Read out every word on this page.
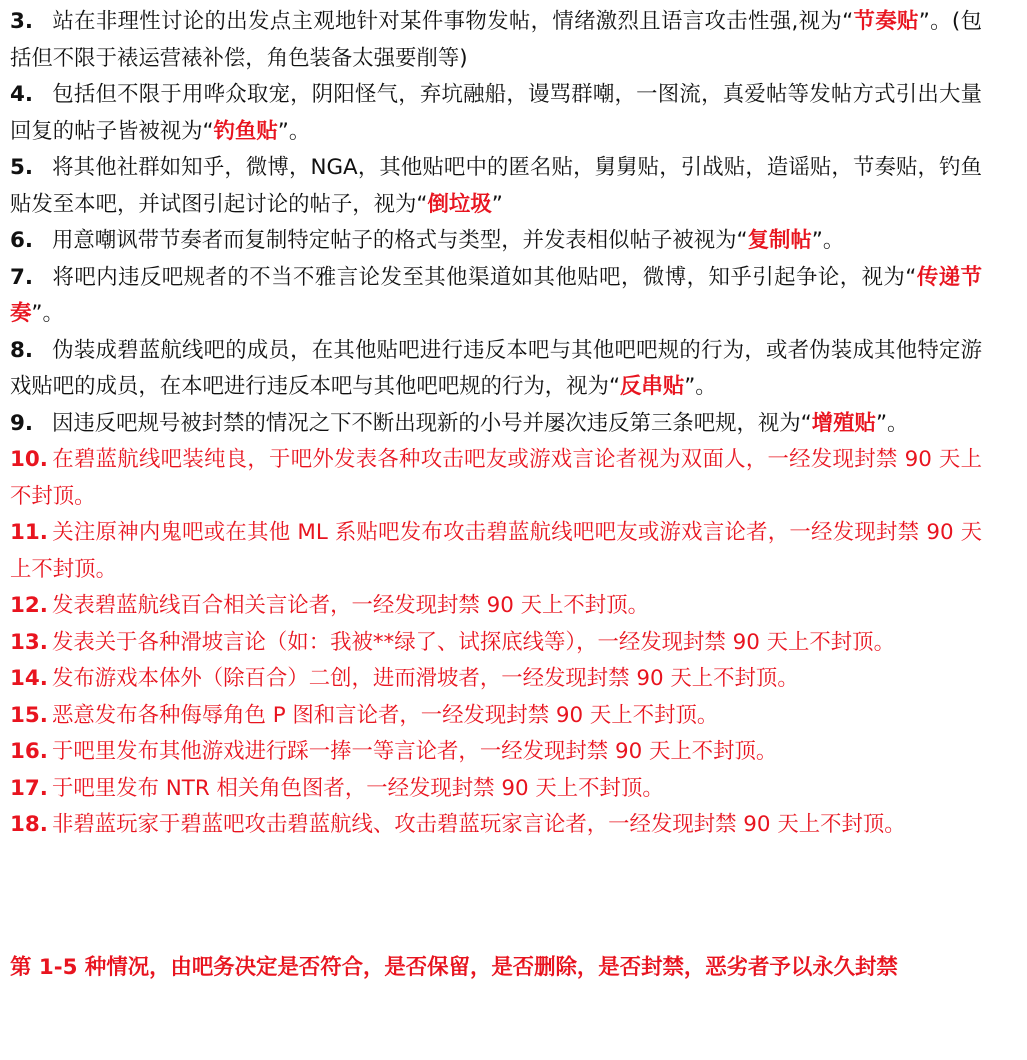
3. 站在非理性讨论的出发点主观地针对某件事物发帖，情绪激烈且语言攻击性强,视为“节奏贴”。(包括但不限于裱运营裱补偿，角色装备太强要削等)
4. 包括但不限于用哗众取宠，阴阳怪气，弃坑融船，谩骂群嘲，一图流，真爱帖等发帖方式引出大量回复的帖子皆被视为“钓鱼贴”。
5. 将其他社群如知乎，微博，NGA，其他贴吧中的匿名贴，舅舅贴，引战贴，造谣贴，节奏贴，钓鱼贴发至本吧，并试图引起讨论的帖子，视为“倒垃圾”
6. 用意嘲讽带节奏者而复制特定帖子的格式与类型，并发表相似帖子被视为“复制帖”。
7. 将吧内违反吧规者的不当不雅言论发至其他渠道如其他贴吧，微博，知乎引起争论，视为“传递节奏”。
8. 伪装成碧蓝航线吧的成员，在其他贴吧进行违反本吧与其他吧吧规的行为，或者伪装成其他特定游戏贴吧的成员，在本吧进行违反本吧与其他吧吧规的行为，视为“反串贴”。
9. 因违反吧规号被封禁的情况之下不断出现新的小号并屡次违反第三条吧规，视为“增殖贴”。
10. 在碧蓝航线吧装纯良，于吧外发表各种攻击吧友或游戏言论者视为双面人，一经发现封禁 90 天上不封顶。
11. 关注原神内鬼吧或在其他 ML 系贴吧发布攻击碧蓝航线吧吧友或游戏言论者，一经发现封禁 90 天上不封顶。
12. 发表碧蓝航线百合相关言论者，一经发现封禁 90 天上不封顶。
13. 发表关于各种滑坡言论（如：我被**绿了、试探底线等），一经发现封禁 90 天上不封顶。
14. 发布游戏本体外（除百合）二创，进而滑坡者，一经发现封禁 90 天上不封顶。
15. 恶意发布各种侮辱角色 P 图和言论者，一经发现封禁 90 天上不封顶。
16. 于吧里发布其他游戏进行踩一捧一等言论者，一经发现封禁 90 天上不封顶。
17. 于吧里发布 NTR 相关角色图者，一经发现封禁 90 天上不封顶。
18. 非碧蓝玩家于碧蓝吧攻击碧蓝航线、攻击碧蓝玩家言论者，一经发现封禁 90 天上不封顶。
第 1-5 种情况，由吧务决定是否符合，是否保留，是否删除，是否封禁，恶劣者予以永久封禁
